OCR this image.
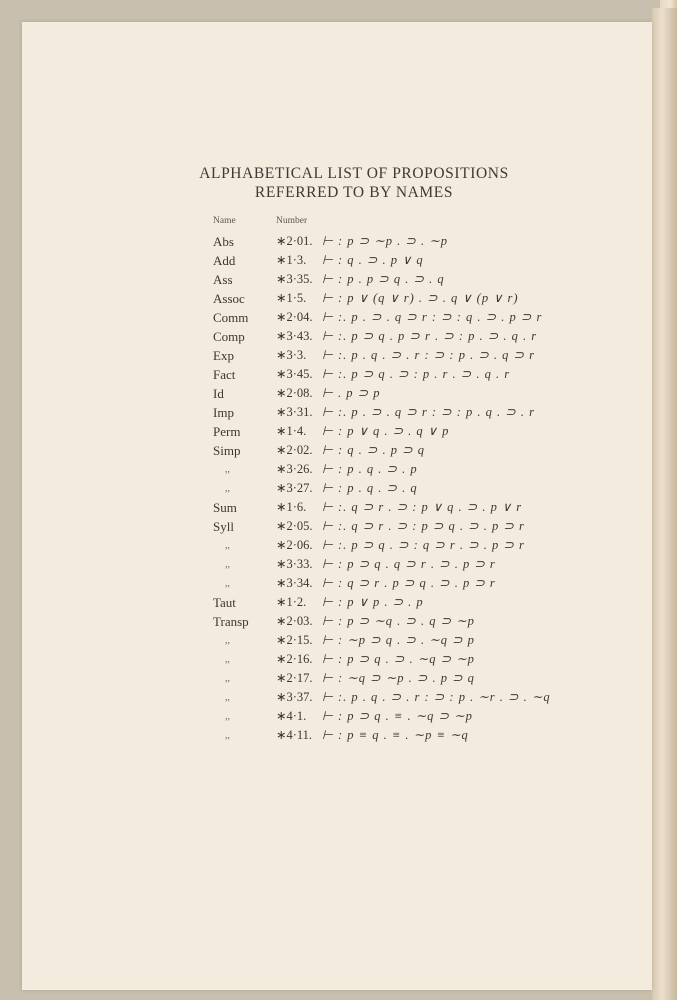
ALPHABETICAL LIST OF PROPOSITIONS
REFERRED TO BY NAMES
Name	Number
Abs	∗2·01. ⊢ : p ⊃ ∼p . ⊃ . ∼p
Add	∗1·3. ⊢ : q . ⊃ . p ∨ q
Ass	∗3·35. ⊢ : p . p ⊃ q . ⊃ . q
Assoc ∗1·5. ⊢ : p ∨ (q ∨ r) . ⊃ . q ∨ (p ∨ r)
Comm ∗2·04. ⊢ :. p . ⊃ . q ⊃ r : ⊃ : q . ⊃ . p ⊃ r
Comp ∗3·43. ⊢ :. p ⊃ q . p ⊃ r . ⊃ : p . ⊃ . q . r
Exp	∗3·3. ⊢ :. p . q . ⊃ . r : ⊃ : p . ⊃ . q ⊃ r
Fact	∗3·45. ⊢ :. p ⊃ q . ⊃ : p . r . ⊃ . q . r
Id	∗2·08. ⊢ . p ⊃ p
Imp	∗3·31. ⊢ :. p . ⊃ . q ⊃ r : ⊃ : p . q . ⊃ . r
Perm	∗1·4. ⊢ : p ∨ q . ⊃ . q ∨ p
Simp	∗2·02. ⊢ : q . ⊃ . p ⊃ q
,,	∗3·26. ⊢ : p . q . ⊃ . p
,,	∗3·27. ⊢ : p . q . ⊃ . q
Sum	∗1·6. ⊢ :. q ⊃ r . ⊃ : p ∨ q . ⊃ . p ∨ r
Syll	∗2·05. ⊢ :. q ⊃ r . ⊃ : p ⊃ q . ⊃ . p ⊃ r
,,	∗2·06. ⊢ :. p ⊃ q . ⊃ : q ⊃ r . ⊃ . p ⊃ r
,,	∗3·33. ⊢ : p ⊃ q . q ⊃ r . ⊃ . p ⊃ r
,,	∗3·34. ⊢ : q ⊃ r . p ⊃ q . ⊃ . p ⊃ r
Taut	∗1·2. ⊢ : p ∨ p . ⊃ . p
Transp ∗2·03. ⊢ : p ⊃ ∼q . ⊃ . q ⊃ ∼p
,,	∗2·15. ⊢ : ∼p ⊃ q . ⊃ . ∼q ⊃ p
,,	∗2·16. ⊢ : p ⊃ q . ⊃ . ∼q ⊃ ∼p
,,	∗2·17. ⊢ : ∼q ⊃ ∼p . ⊃ . p ⊃ q
,,	∗3·37. ⊢ :. p . q . ⊃ . r : ⊃ : p . ∼r . ⊃ . ∼q
,,	∗4·1. ⊢ : p ⊃ q . ≡ . ∼q ⊃ ∼p
,,	∗4·11. ⊢ : p ≡ q . ≡ . ∼p ≡ ∼q
